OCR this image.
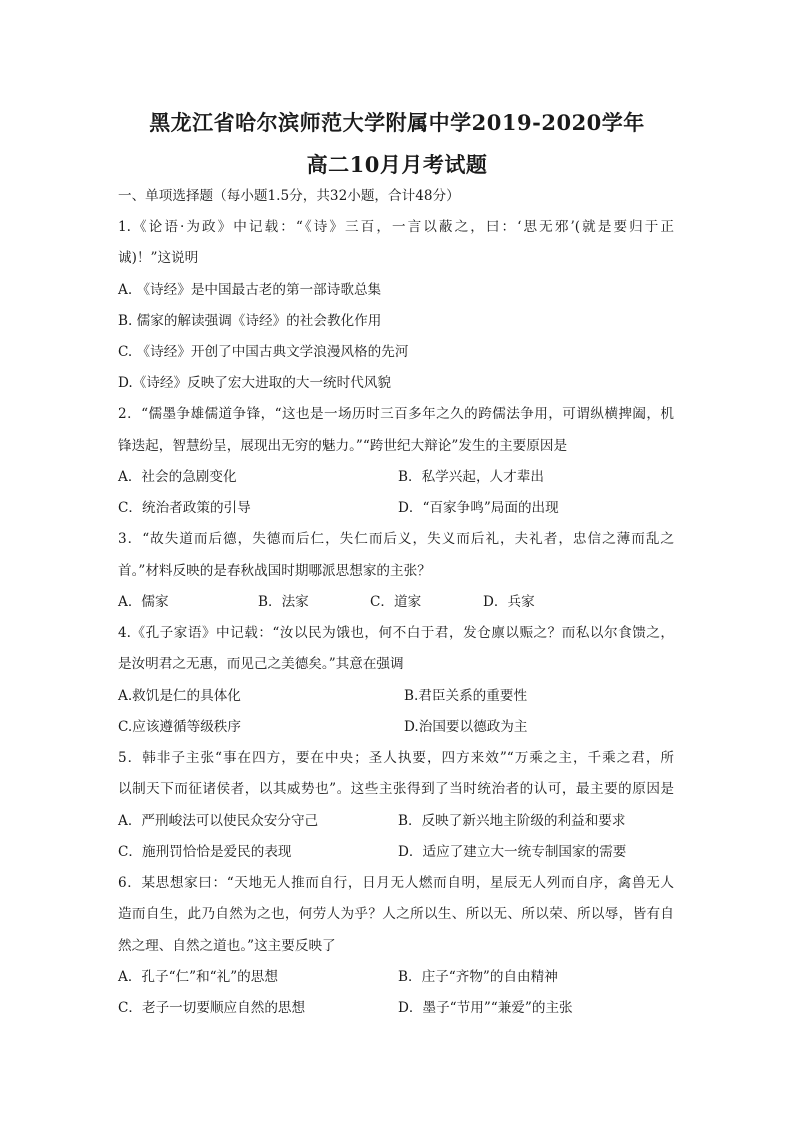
黑龙江省哈尔滨师范大学附属中学2019-2020学年
高二10月月考试题
一、单项选择题（每小题1.5分，共32小题，合计48分）
1.《论语·为政》中记载：“《诗》三百，一言以蔽之，曰：‘思无邪’(就是要归于正
诚)！”这说明
A. 《诗经》是中国最古老的第一部诗歌总集
B. 儒家的解读强调《诗经》的社会教化作用
C. 《诗经》开创了中国古典文学浪漫风格的先河
D.《诗经》反映了宏大进取的大一统时代风貌
2．“儒墨争雄儒道争锋，“这也是一场历时三百多年之久的跨儒法争用，可谓纵横捭阖，机
锋迭起，智慧纷呈，展现出无穷的魅力。”“跨世纪大辩论”发生的主要原因是
A．社会的急剧变化	B．私学兴起，人才辈出
C．统治者政策的引导	D．“百家争鸣”局面的出现
3．“故失道而后德，失德而后仁，失仁而后义，失义而后礼，夫礼者，忠信之薄而乱之
首。”材料反映的是春秋战国时期哪派思想家的主张？
A．儒家	B．法家	C．道家	D．兵家
4.《孔子家语》中记载：“汝以民为饿也，何不白于君，发仓廪以赈之？而私以尔食馈之，
是汝明君之无惠，而见己之美德矣。”其意在强调
A.救饥是仁的具体化	B.君臣关系的重要性
C.应该遵循等级秩序	D.治国要以德政为主
5．韩非子主张“事在四方，要在中央；圣人执要，四方来效”“万乘之主，千乘之君，所
以制天下而征诸侯者，以其威势也”。这些主张得到了当时统治者的认可，最主要的原因是
A．严刑峻法可以使民众安分守己	B．反映了新兴地主阶级的利益和要求
C．施刑罚恰恰是爱民的表现	D．适应了建立大一统专制国家的需要
6．某思想家曰：“天地无人推而自行，日月无人燃而自明，星辰无人列而自序，禽兽无人
造而自生，此乃自然为之也，何劳人为乎？人之所以生、所以无、所以荣、所以辱，皆有自
然之理、自然之道也。”这主要反映了
A．孔子“仁”和“礼”的思想	B．庄子“齐物”的自由精神
C．老子一切要顺应自然的思想	D．墨子“节用”“兼爱”的主张
